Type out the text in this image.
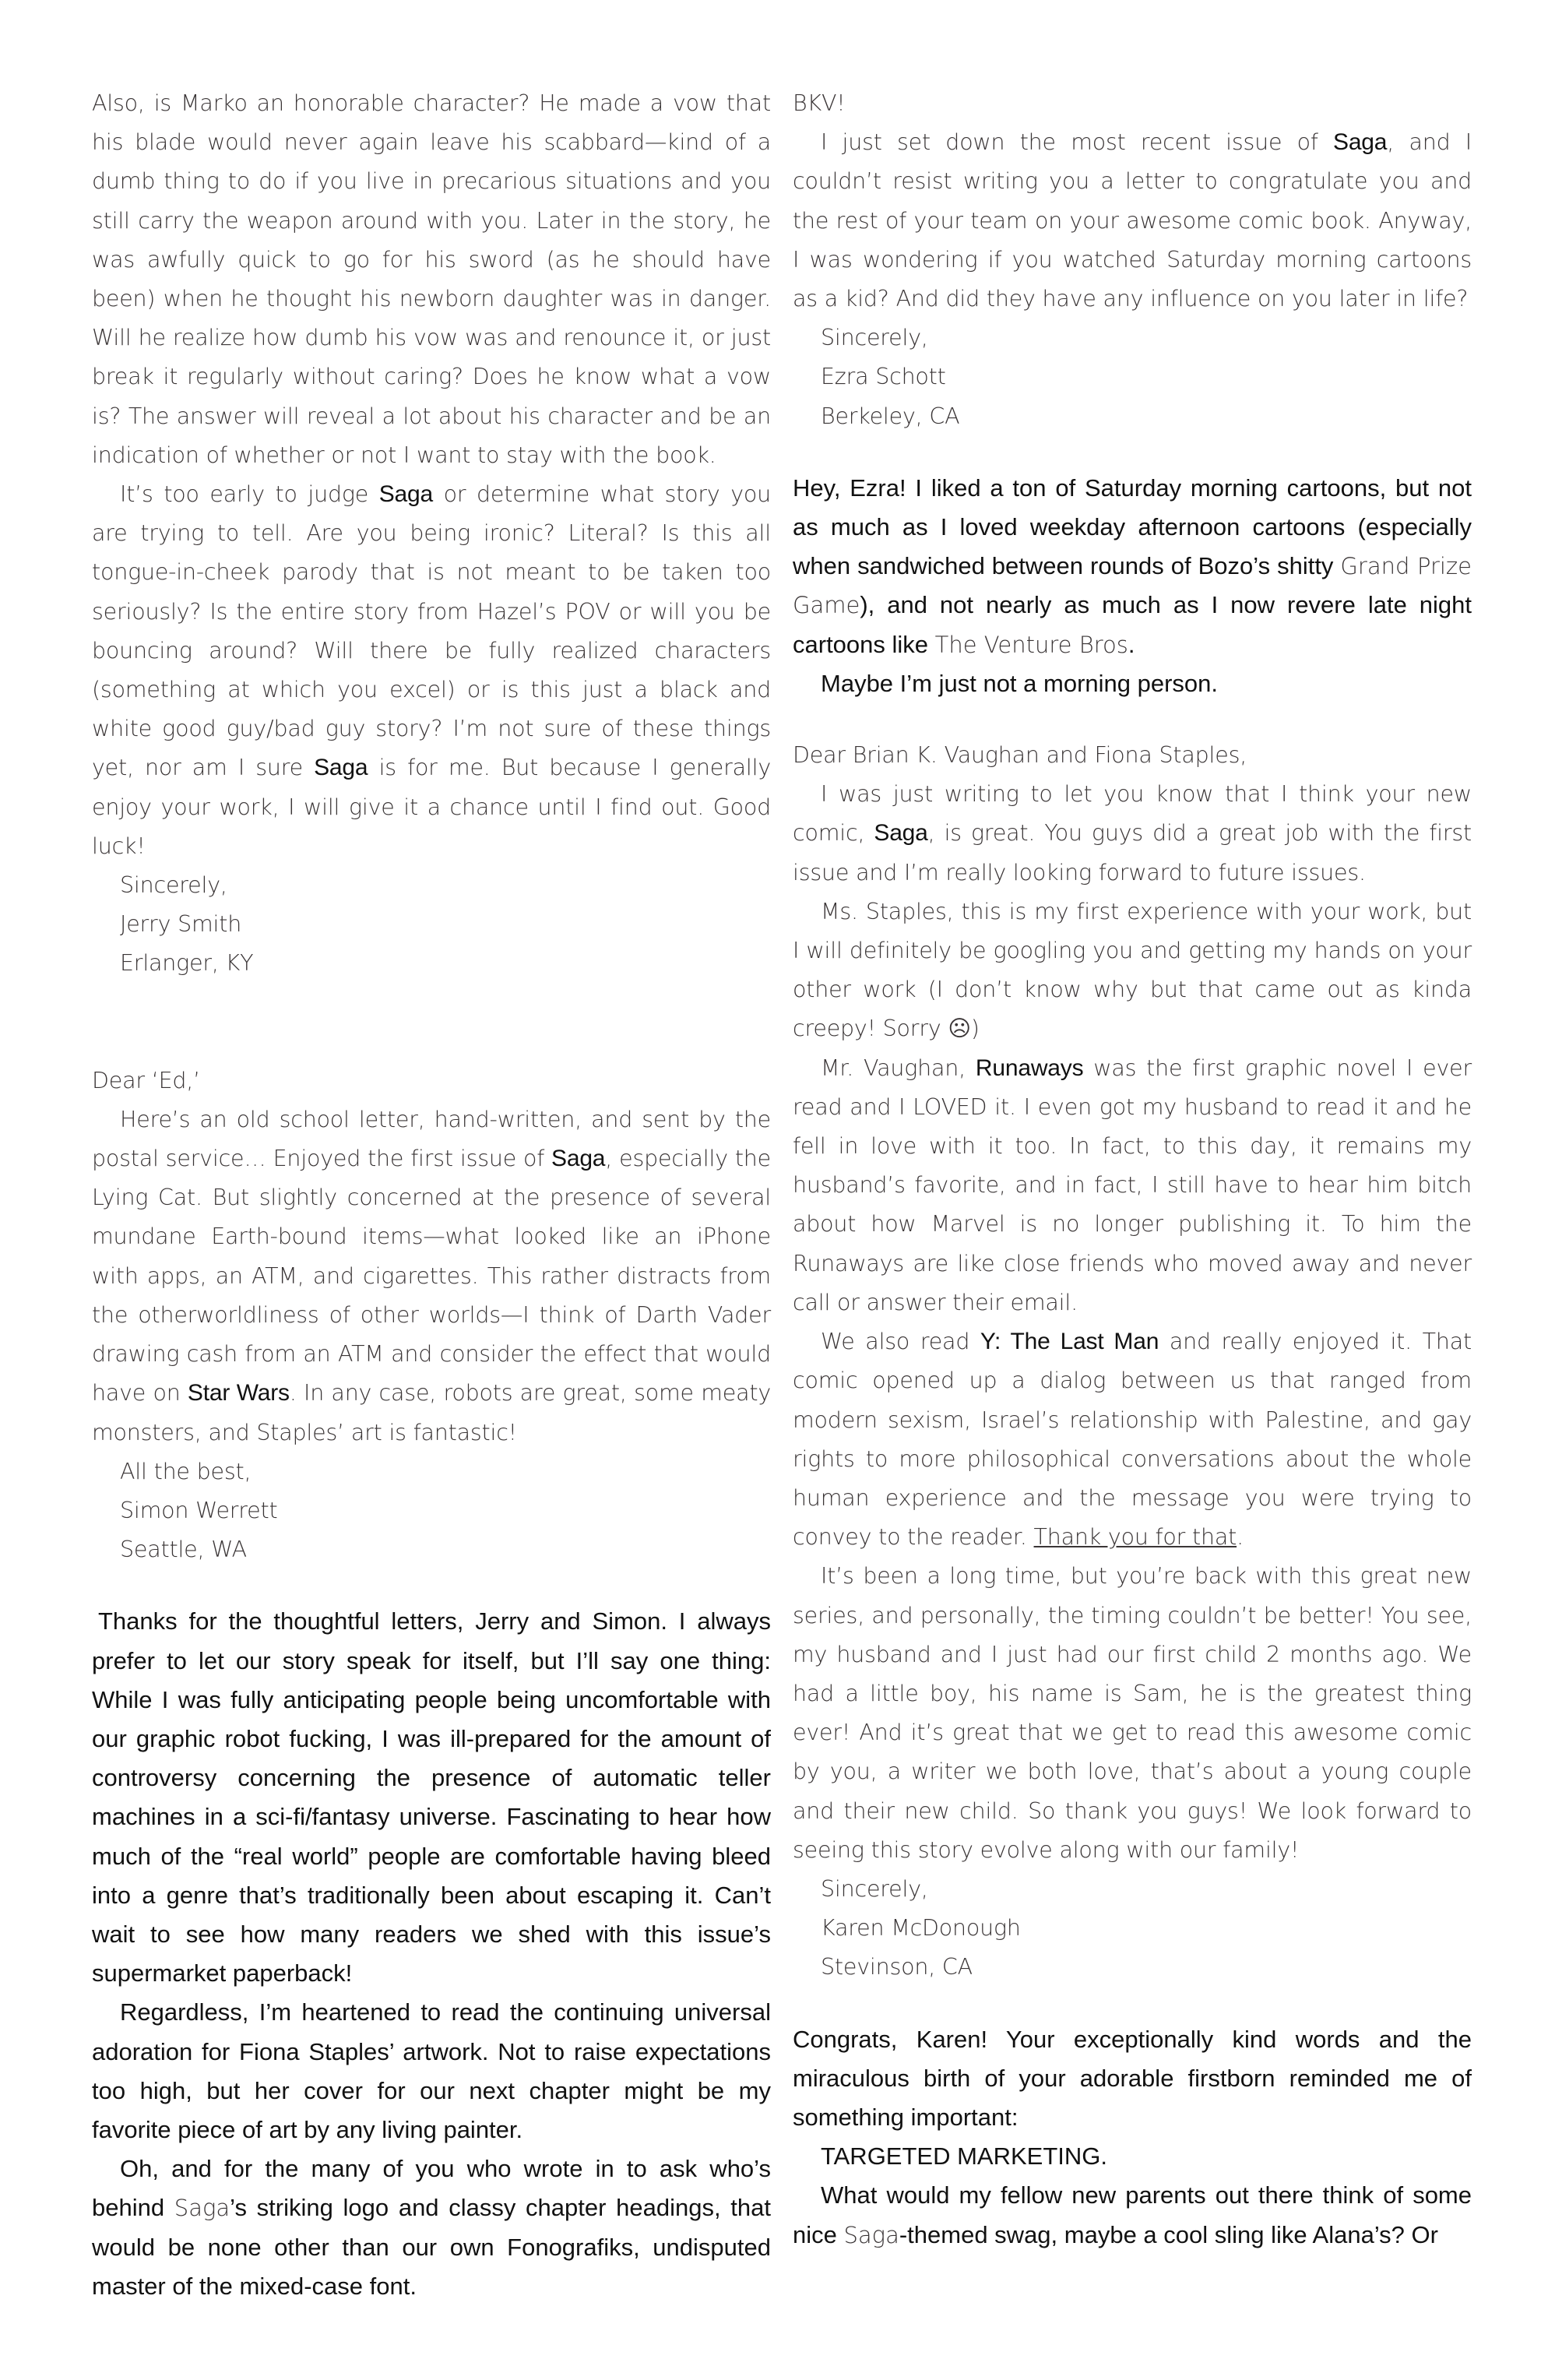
Also, is Marko an honorable character? He made a vow that his blade would never again leave his scabbard—kind of a dumb thing to do if you live in precarious situations and you still carry the weapon around with you. Later in the story, he was awfully quick to go for his sword (as he should have been) when he thought his newborn daughter was in danger. Will he realize how dumb his vow was and renounce it, or just break it regularly without caring? Does he know what a vow is? The answer will reveal a lot about his character and be an indication of whether or not I want to stay with the book.

It’s too early to judge Saga or determine what story you are trying to tell. Are you being ironic? Literal? Is this all tongue-in-cheek parody that is not meant to be taken too seriously? Is the entire story from Hazel’s POV or will you be bouncing around? Will there be fully realized characters (something at which you excel) or is this just a black and white good guy/bad guy story? I’m not sure of these things yet, nor am I sure Saga is for me. But because I generally enjoy your work, I will give it a chance until I find out. Good luck!

Sincerely,

Jerry Smith

Erlanger, KY

Dear ‘Ed,’

Here’s an old school letter, hand-written, and sent by the postal service… Enjoyed the first issue of Saga, especially the Lying Cat. But slightly concerned at the presence of several mundane Earth-bound items—what looked like an iPhone with apps, an ATM, and cigarettes. This rather distracts from the otherworldliness of other worlds—I think of Darth Vader drawing cash from an ATM and consider the effect that would have on Star Wars. In any case, robots are great, some meaty monsters, and Staples’ art is fantastic!

All the best,

Simon Werrett

Seattle, WA

Thanks for the thoughtful letters, Jerry and Simon. I always prefer to let our story speak for itself, but I’ll say one thing: While I was fully anticipating people being uncomfortable with our graphic robot fucking, I was ill-prepared for the amount of controversy concerning the presence of automatic teller machines in a sci-fi/fantasy universe. Fascinating to hear how much of the “real world” people are comfortable having bleed into a genre that’s traditionally been about escaping it. Can’t wait to see how many readers we shed with this issue’s supermarket paperback!

Regardless, I’m heartened to read the continuing universal adoration for Fiona Staples’ artwork. Not to raise expectations too high, but her cover for our next chapter might be my favorite piece of art by any living painter.

Oh, and for the many of you who wrote in to ask who’s behind Saga’s striking logo and classy chapter headings, that would be none other than our own Fonografiks, undisputed master of the mixed-case font.

BKV!

I just set down the most recent issue of Saga, and I couldn’t resist writing you a letter to congratulate you and the rest of your team on your awesome comic book. Anyway, I was wondering if you watched Saturday morning cartoons as a kid? And did they have any influence on you later in life?

Sincerely,

Ezra Schott

Berkeley, CA

Hey, Ezra! I liked a ton of Saturday morning cartoons, but not as much as I loved weekday afternoon cartoons (especially when sandwiched between rounds of Bozo’s shitty Grand Prize Game), and not nearly as much as I now revere late night cartoons like The Venture Bros.

Maybe I’m just not a morning person.

Dear Brian K. Vaughan and Fiona Staples,

I was just writing to let you know that I think your new comic, Saga, is great. You guys did a great job with the first issue and I’m really looking forward to future issues.

Ms. Staples, this is my first experience with your work, but I will definitely be googling you and getting my hands on your other work (I don’t know why but that came out as kinda creepy! Sorry ☹)

Mr. Vaughan, Runaways was the first graphic novel I ever read and I LOVED it. I even got my husband to read it and he fell in love with it too. In fact, to this day, it remains my husband’s favorite, and in fact, I still have to hear him bitch about how Marvel is no longer publishing it. To him the Runaways are like close friends who moved away and never call or answer their email.

We also read Y: The Last Man and really enjoyed it. That comic opened up a dialog between us that ranged from modern sexism, Israel’s relationship with Palestine, and gay rights to more philosophical conversations about the whole human experience and the message you were trying to convey to the reader. Thank you for that.

It’s been a long time, but you’re back with this great new series, and personally, the timing couldn’t be better! You see, my husband and I just had our first child 2 months ago. We had a little boy, his name is Sam, he is the greatest thing ever! And it’s great that we get to read this awesome comic by you, a writer we both love, that’s about a young couple and their new child. So thank you guys! We look forward to seeing this story evolve along with our family!

Sincerely,

Karen McDonough

Stevinson, CA

Congrats, Karen! Your exceptionally kind words and the miraculous birth of your adorable firstborn reminded me of something important:

TARGETED MARKETING.

What would my fellow new parents out there think of some nice Saga-themed swag, maybe a cool sling like Alana’s? Or
